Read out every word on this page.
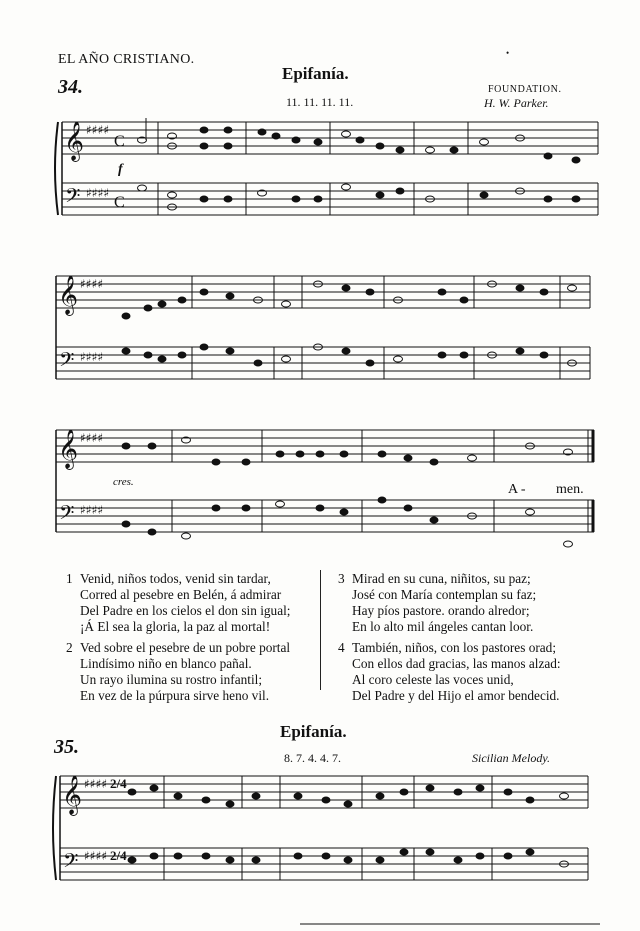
EL AÑO CRISTIANO.	•
34.
Epifanía.
11. 11. 11. 11.
FOUNDATION.
H. W. Parker.
𝄞
𝄢
♯♯♯♯
♯♯♯♯
C
C
𝄞
𝄢
♯♯♯♯
♯♯♯♯
𝄞
𝄢
♯♯♯♯
♯♯♯♯
𝄞
𝄢
♯♯♯♯
♯♯♯♯
f
cres.	A - men.
1 Venid, niños todos, venid sin tardar,
Corred al pesebre en Belén, á admirar
Del Padre en los cielos el don sin igual;
¡Á El sea la gloria, la paz al mortal!
2 Ved sobre el pesebre de un pobre portal
Lindísimo niño en blanco pañal.
Un rayo ilumina su rostro infantil;
En vez de la púrpura sirve heno vil.
3 Mirad en su cuna, niñitos, su paz;
José con María contemplan su faz;
Hay píos pastore. orando alredor;
En lo alto mil ángeles cantan loor.
4 También, niños, con los pastores orad;
Con ellos dad gracias, las manos alzad:
Al coro celeste las voces unid,
Del Padre y del Hijo el amor bendecid.
35.
Epifanía.
8. 7. 4. 4. 7.	Sicilian Melody.
2/4
2/4
